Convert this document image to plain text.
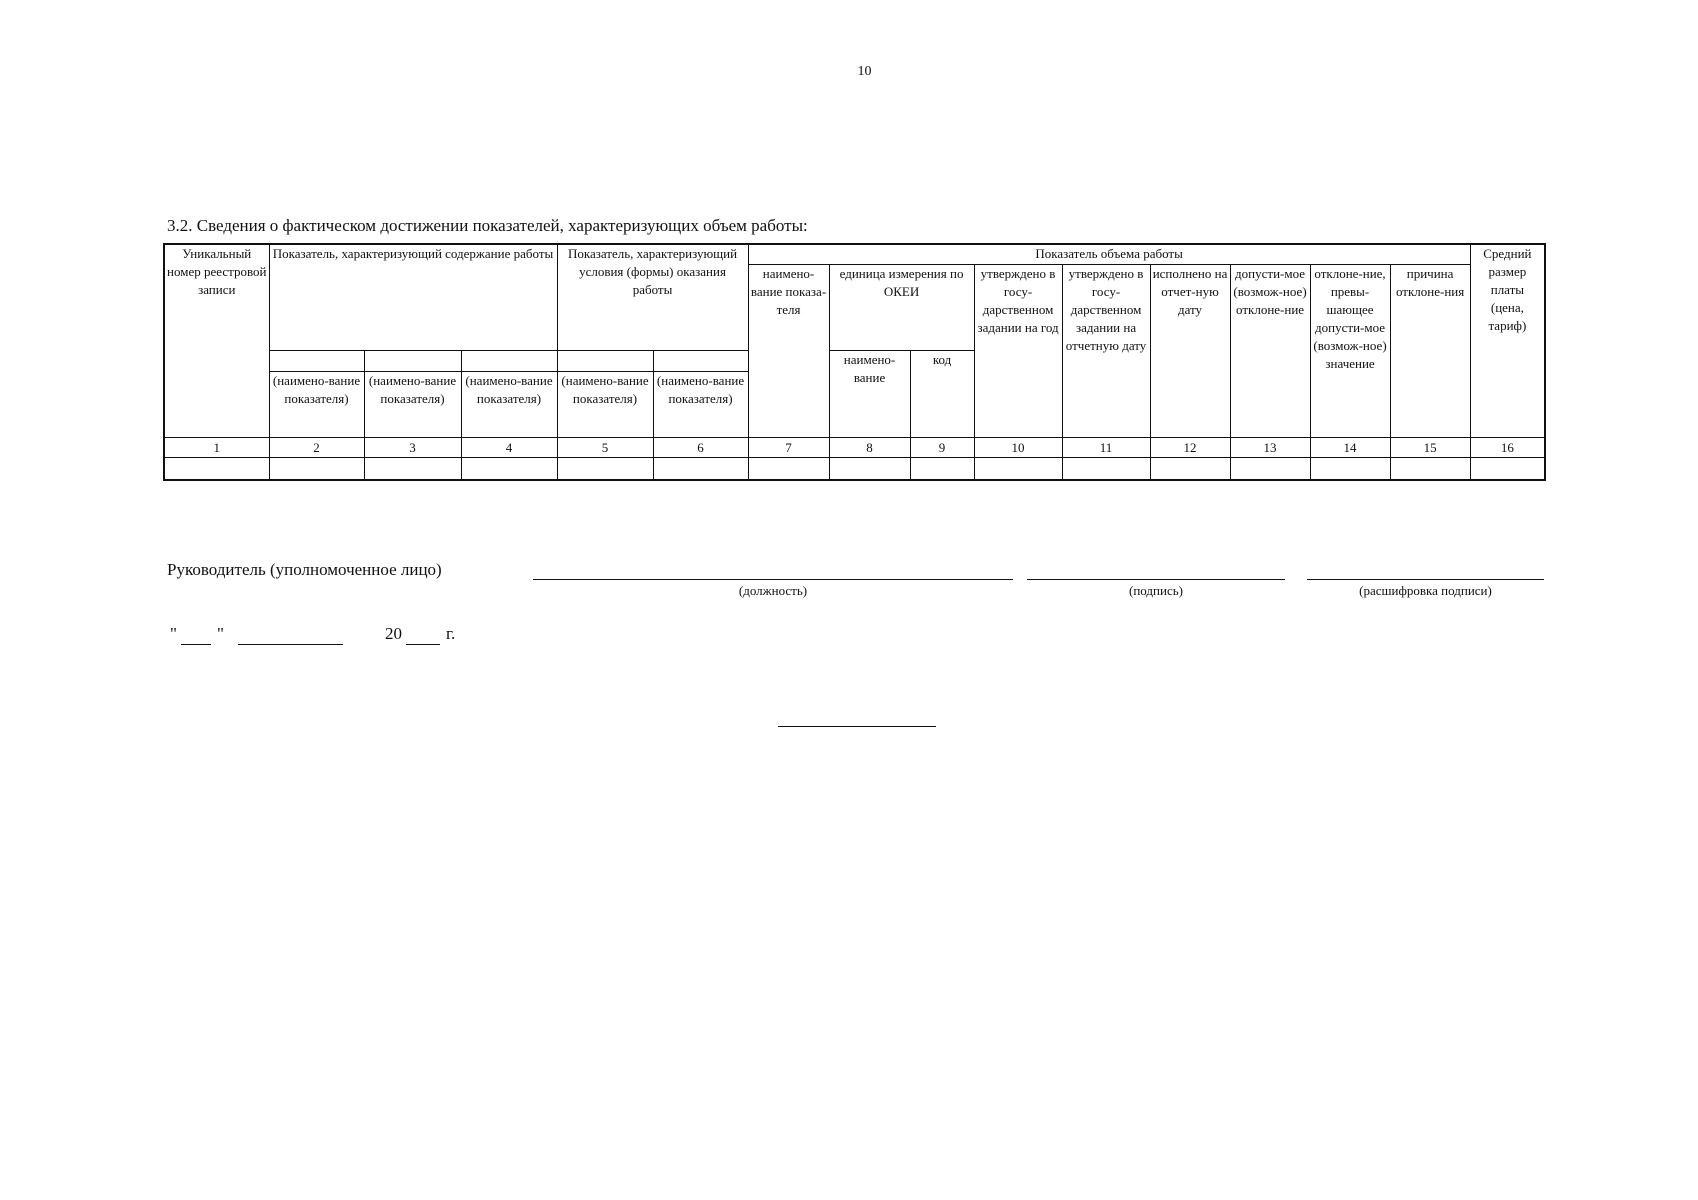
10
3.2. Сведения о фактическом достижении показателей, характеризующих объем работы:
Уникальный номер реестровой записи	Показатель, характеризующий содержание работы			Показатель, характеризующий условия (формы) оказания работы		Показатель объема работы									Средний размер платы (цена, тариф)
						наимено-вание показа-теля	единица измерения по ОКЕИ		утверждено в госу-дарственном задании на год	утверждено в госу-дарственном задании на отчетную дату	исполнено на отчет-ную дату	допусти-мое (возмож-ное) отклоне-ние	отклоне-ние, превы-шающее допусти-мое (возмож-ное) значение	причина отклоне-ния	
							наимено-вание	код							
	(наимено-вание показателя)	(наимено-вание показателя)	(наимено-вание показателя)	(наимено-вание показателя)	(наимено-вание показателя)										
1	2	3	4	5	6	7	8	9	10	11	12	13	14	15	16

Руководитель (уполномоченное лицо)
(должность)	(подпись)	(расшифровка подписи)
" "	20	г.
